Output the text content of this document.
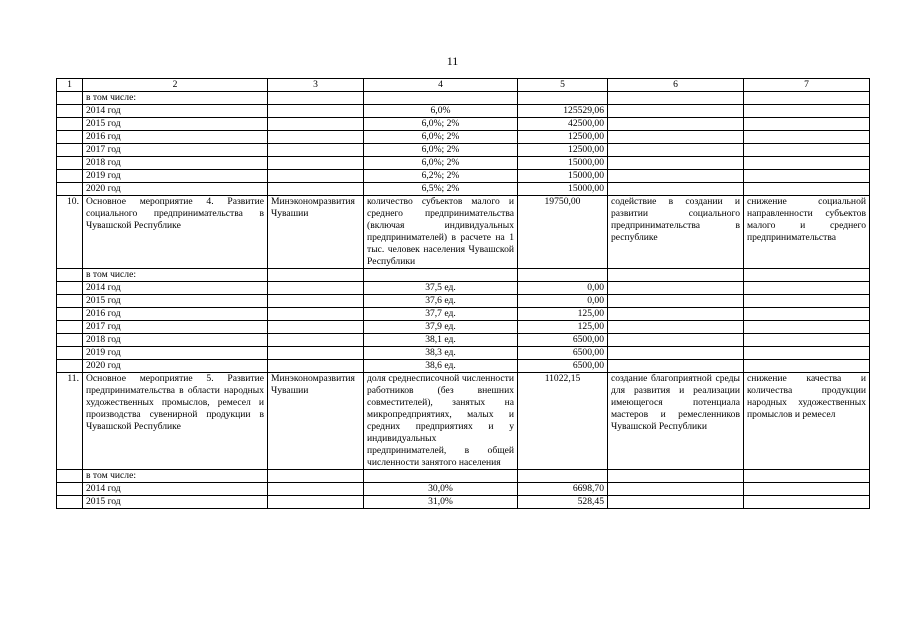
11
1	2	3	4	5	6	7
	в том числе:					
	2014 год		6,0%	125529,06		
	2015 год		6,0%; 2%	42500,00		
	2016 год		6,0%; 2%	12500,00		
	2017 год		6,0%; 2%	12500,00		
	2018 год		6,0%; 2%	15000,00		
	2019 год		6,2%; 2%	15000,00		
	2020 год		6,5%; 2%	15000,00		
10.	Основное мероприятие 4. Развитие социального предпринимательства в Чувашской Республике	Минэкономразвития Чувашии	количество субъектов малого и среднего предпринимательства (включая индивидуальных предпринимателей) в расчете на 1 тыс. человек населения Чувашской Республики	19750,00	содействие в создании и развитии социального предпринимательства в республике	снижение социальной направленности субъектов малого и среднего предпринимательства
	в том числе:					
	2014 год		37,5 ед.	0,00		
	2015 год		37,6 ед.	0,00		
	2016 год		37,7 ед.	125,00		
	2017 год		37,9 ед.	125,00		
	2018 год		38,1 ед.	6500,00		
	2019 год		38,3 ед.	6500,00		
	2020 год		38,6 ед.	6500,00		
11.	Основное мероприятие 5. Развитие предпринимательства в области народных художественных промыслов, ремесел и производства сувенирной продукции в Чувашской Республике	Минэкономразвития Чувашии	доля среднесписочной численности работников (без внешних совместителей), занятых на микропредприятиях, малых и средних предприятиях и у индивидуальных предпринимателей, в общей численности занятого населения	11022,15	создание благоприятной среды для развития и реализации имеющегося потенциала мастеров и ремесленников Чувашской Республики	снижение качества и количества продукции народных художественных промыслов и ремесел
	в том числе:					
	2014 год		30,0%	6698,70		
	2015 год		31,0%	528,45		
